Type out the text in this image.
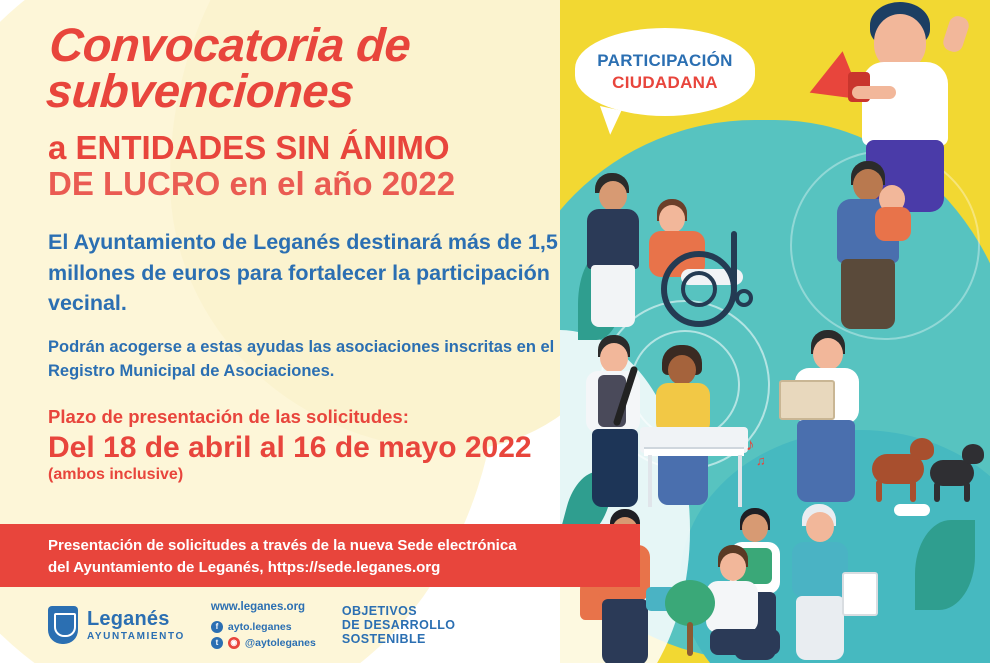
♪
♫
PARTICIPACIÓN
CIUDADANA
Convocatoria de
subvenciones
a ENTIDADES SIN ÁNIMO
DE LUCRO en el año 2022
El Ayuntamiento de Leganés destinará más de 1,5 millones de euros para fortalecer la participación vecinal.
Podrán acogerse a estas ayudas las asociaciones inscritas en el Registro Municipal de Asociaciones.
Plazo de presentación de las solicitudes:
Del 18 de abril al 16 de mayo 2022
(ambos inclusive)

Presentación de solicitudes a través de la nueva Sede electrónica

del Ayuntamiento de Leganés, https://sede.leganes.org

Leganés
AYUNTAMIENTO
www.leganes.org
f ayto.leganes
t	◉ @aytoleganes
OBJETIVOS
DE DESARROLLO
SOSTENIBLE
